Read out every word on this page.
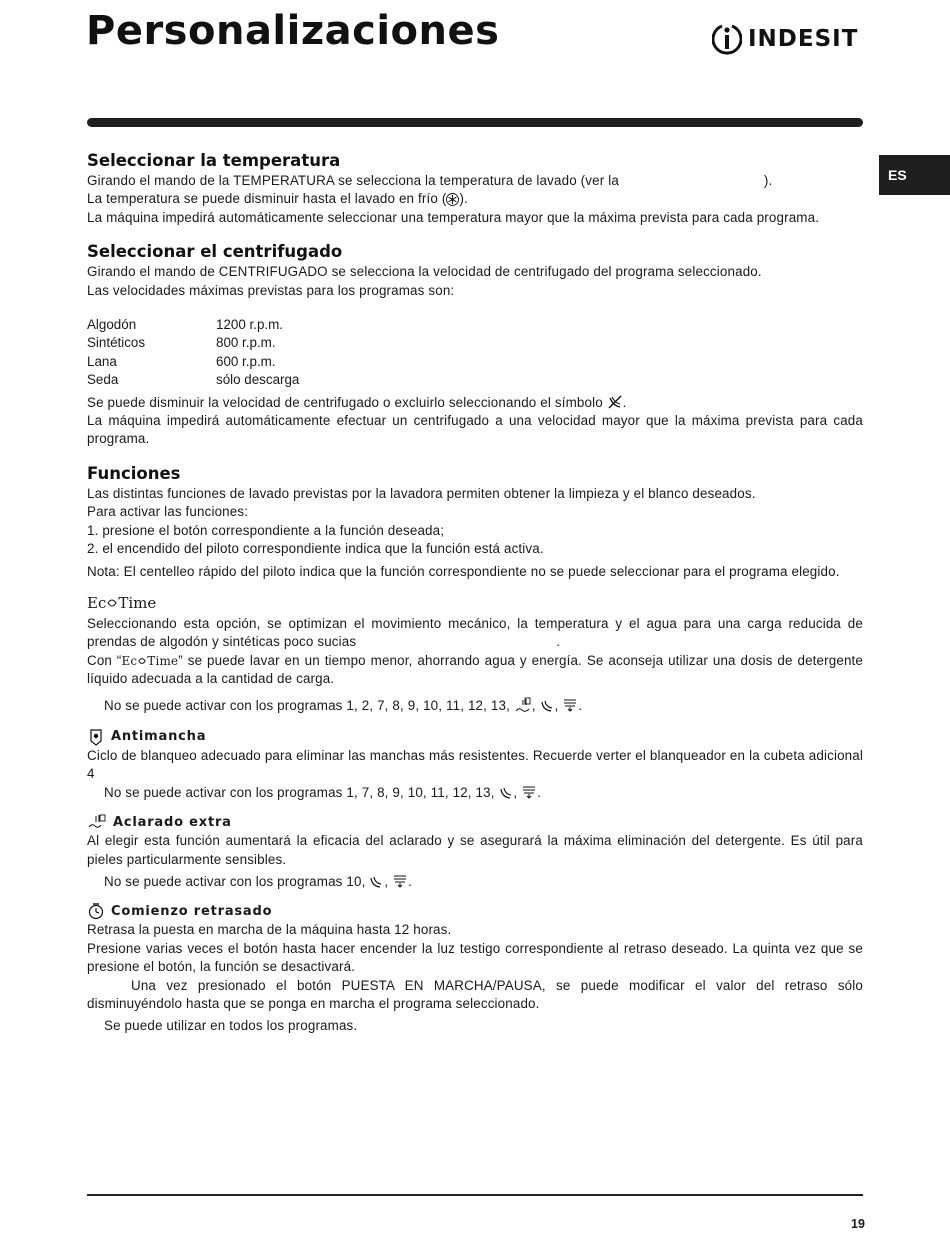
Personalizaciones	INDESIT
ES
Seleccionar la temperatura

Girando el mando de la TEMPERATURA se selecciona la temperatura de lavado (ver la	).

La temperatura se puede disminuir hasta el lavado en frío ( ).

La máquina impedirá automáticamente seleccionar una temperatura mayor que la máxima prevista para cada programa.

Seleccionar el centrifugado

Girando el mando de CENTRIFUGADO se selecciona la velocidad de centrifugado del programa seleccionado.

Las velocidades máximas previstas para los programas son:

Algodón	1200 r.p.m.
Sintéticos	800 r.p.m.
Lana	600 r.p.m.
Seda	sólo descarga

Se puede disminuir la velocidad de centrifugado o excluirlo seleccionando el símbolo .

La máquina impedirá automáticamente efectuar un centrifugado a una velocidad mayor que la máxima prevista para cada programa.

Funciones

Las distintas funciones de lavado previstas por la lavadora permiten obtener la limpieza y el blanco deseados.

Para activar las funciones:

1. presione el botón correspondiente a la función deseada;

2. el encendido del piloto correspondiente indica que la función está activa.

Nota: El centelleo rápido del piloto indica que la función correspondiente no se puede seleccionar para el programa elegido.

Ec Time

Seleccionando esta opción, se optimizan el movimiento mecánico, la temperatura y el agua para una carga reducida de prendas de algodón y sintéticas poco sucias	.

Con “ Ec Time ” se puede lavar en un tiempo menor, ahorrando agua y energía. Se aconseja utilizar una dosis de detergente líquido adecuada a la cantidad de carga.

No se puede activar con los programas 1, 2, 7, 8, 9, 10, 11, 12, 13, , , .

Antimancha

Ciclo de blanqueo adecuado para eliminar las manchas más resistentes. Recuerde verter el blanqueador en la cubeta adicional 4

No se puede activar con los programas 1, 7, 8, 9, 10, 11, 12, 13, , .

Aclarado extra

Al elegir esta función aumentará la eficacia del aclarado y se asegurará la máxima eliminación del detergente. Es útil para pieles particularmente sensibles.

No se puede activar con los programas 10, , .

Comienzo retrasado

Retrasa la puesta en marcha de la máquina hasta 12 horas.

Presione varias veces el botón hasta hacer encender la luz testigo correspondiente al retraso deseado. La quinta vez que se presione el botón, la función se desactivará.

Una vez presionado el botón PUESTA EN MARCHA/PAUSA, se puede modificar el valor del retraso sólo disminuyéndolo hasta que se ponga en marcha el programa seleccionado.

Se puede utilizar en todos los programas.

19
